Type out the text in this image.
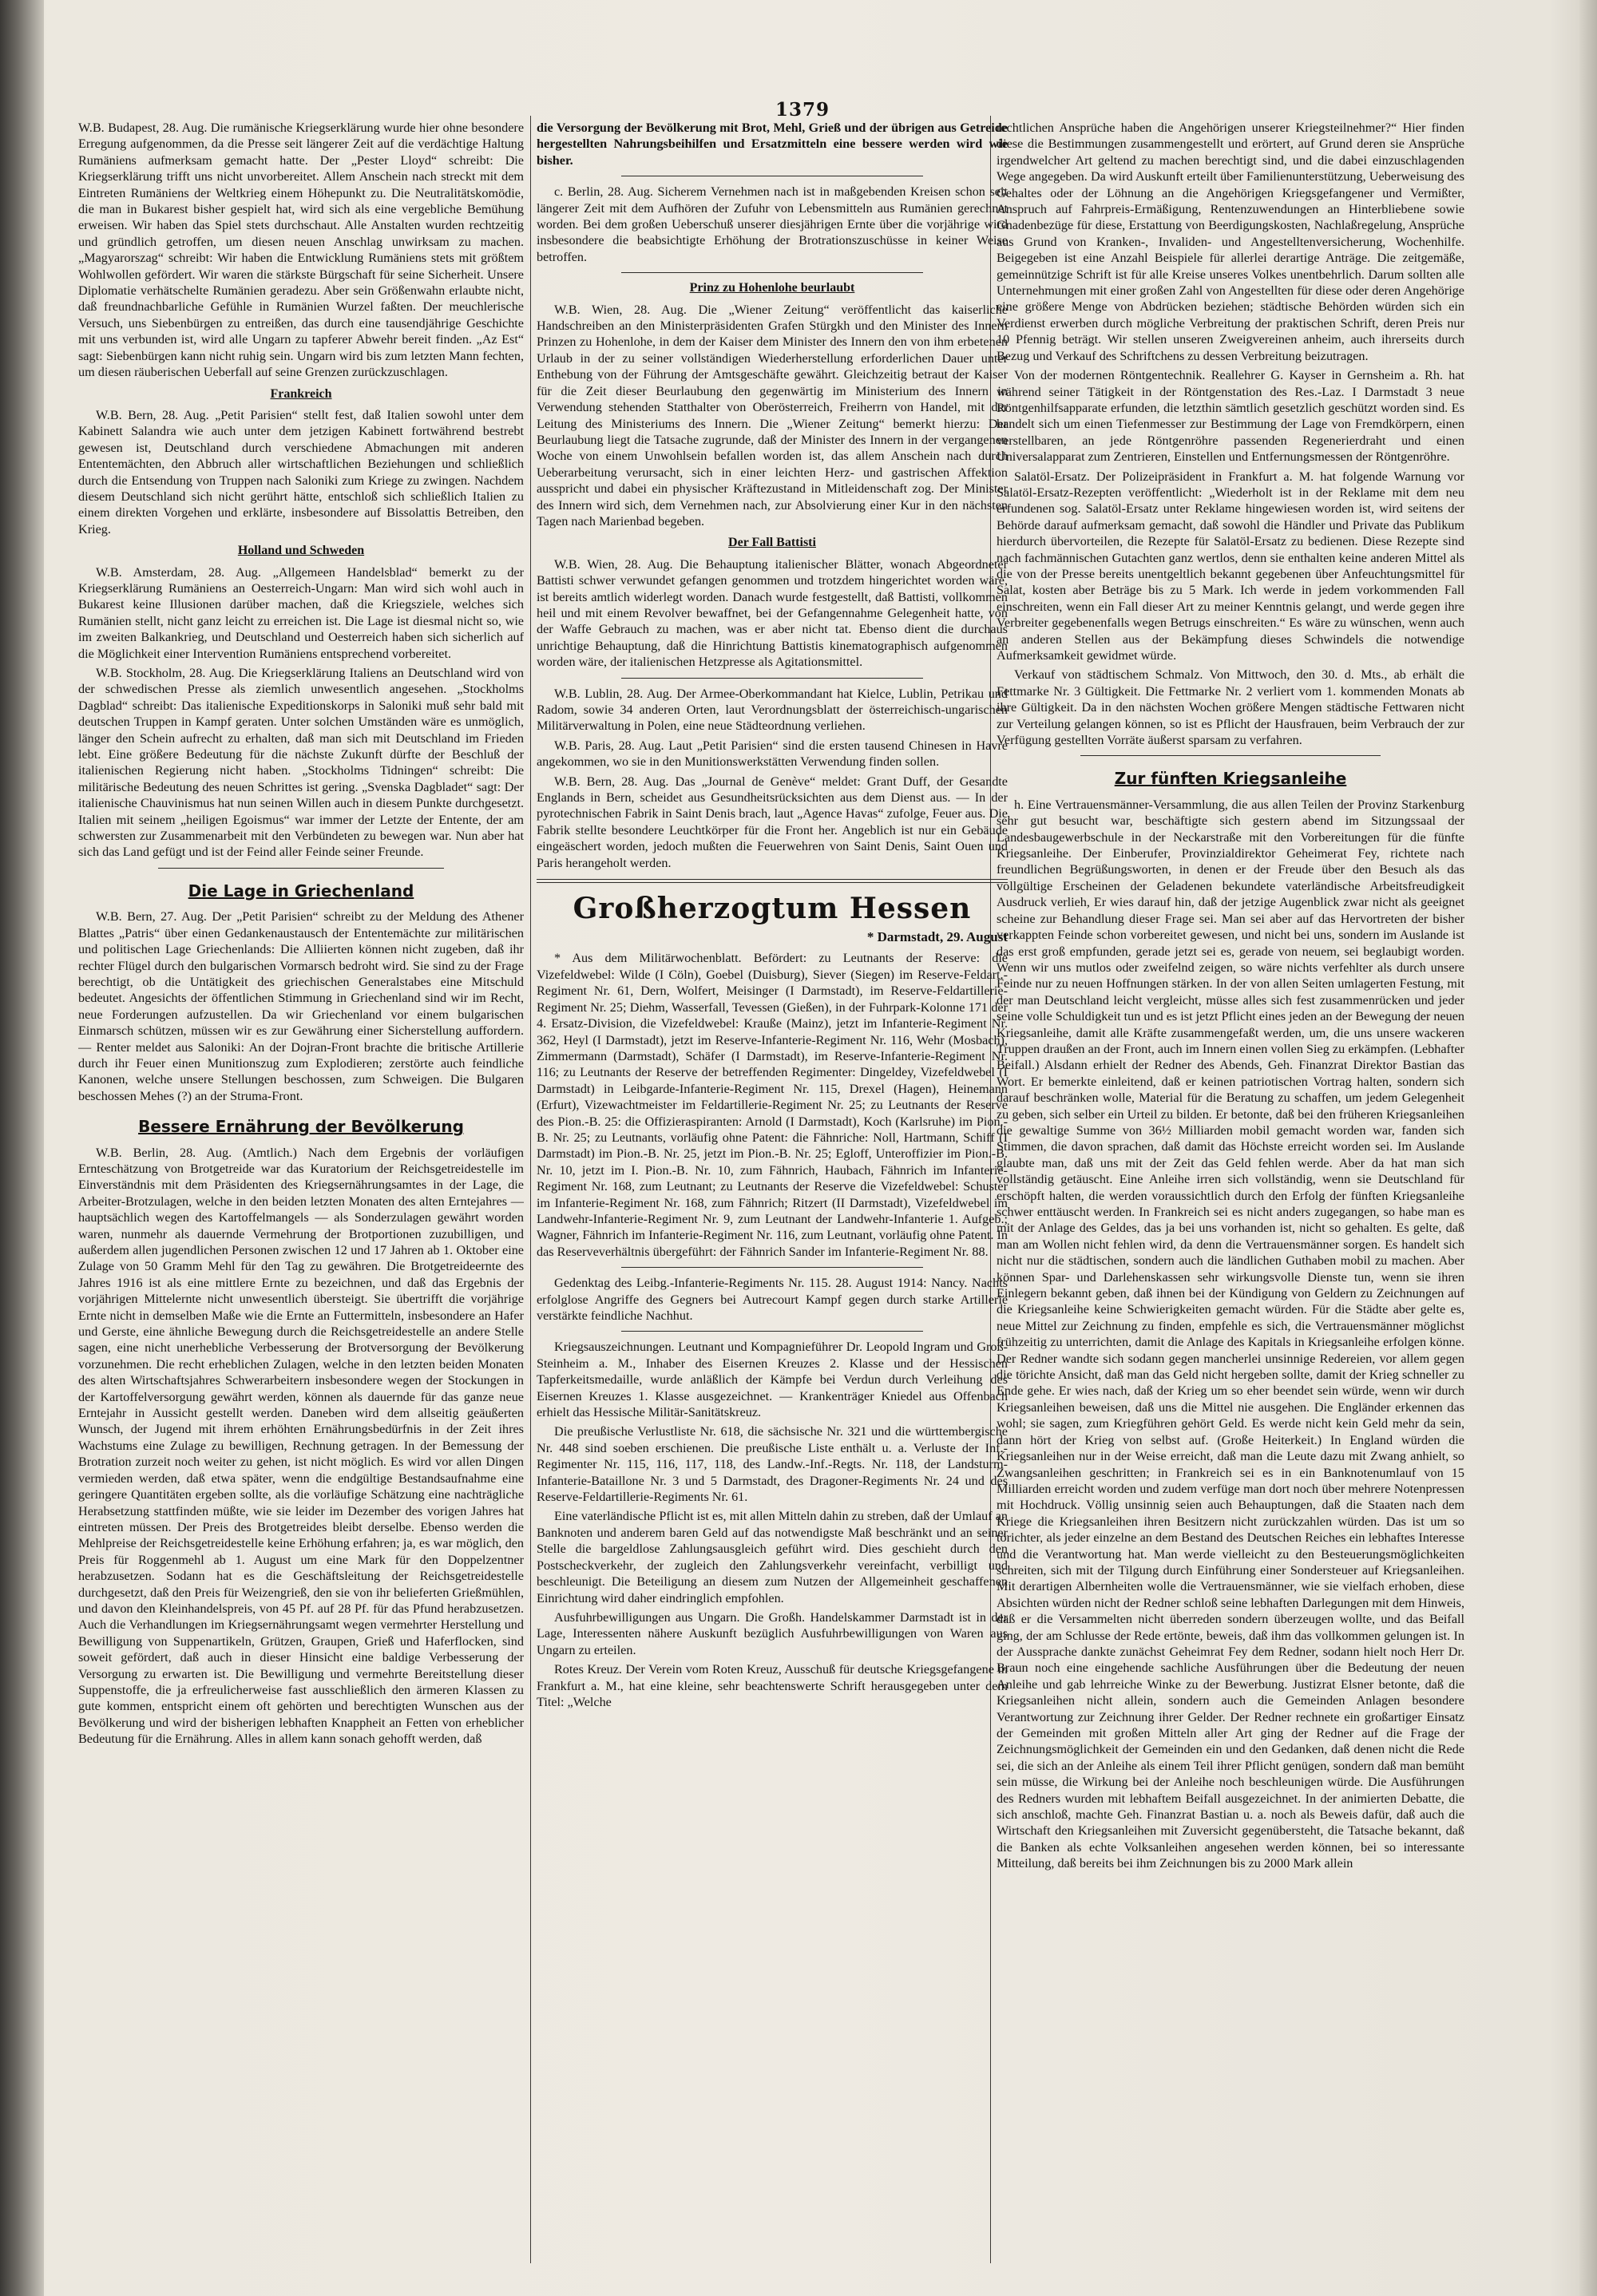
1379

W.B. Budapest, 28. Aug. Die rumänische Kriegserklärung wurde hier ohne besondere Erregung aufgenommen, da die Presse seit längerer Zeit auf die verdächtige Haltung Rumäniens aufmerksam gemacht hatte. Der „Pester Lloyd“ schreibt: Die Kriegserklärung trifft uns nicht unvorbereitet. Allem Anschein nach streckt mit dem Eintreten Rumäniens der Weltkrieg einem Höhepunkt zu. Die Neutralitätskomödie, die man in Bukarest bisher gespielt hat, wird sich als eine vergebliche Bemühung erweisen. Wir haben das Spiel stets durchschaut. Alle Anstalten wurden rechtzeitig und gründlich getroffen, um diesen neuen Anschlag unwirksam zu machen. „Magyarorszag“ schreibt: Wir haben die Entwicklung Rumäniens stets mit größtem Wohlwollen gefördert. Wir waren die stärkste Bürgschaft für seine Sicherheit. Unsere Diplomatie verhätschelte Rumänien geradezu. Aber sein Größenwahn erlaubte nicht, daß freundnachbarliche Gefühle in Rumänien Wurzel faßten. Der meuchlerische Versuch, uns Siebenbürgen zu entreißen, das durch eine tausendjährige Geschichte mit uns verbunden ist, wird alle Ungarn zu tapferer Abwehr bereit finden. „Az Est“ sagt: Siebenbürgen kann nicht ruhig sein. Ungarn wird bis zum letzten Mann fechten, um diesen räuberischen Ueberfall auf seine Grenzen zurückzuschlagen.

Frankreich

W.B. Bern, 28. Aug. „Petit Parisien“ stellt fest, daß Italien sowohl unter dem Kabinett Salandra wie auch unter dem jetzigen Kabinett fortwährend bestrebt gewesen ist, Deutschland durch verschiedene Abmachungen mit anderen Ententemächten, den Abbruch aller wirtschaftlichen Beziehungen und schließlich durch die Entsendung von Truppen nach Saloniki zum Kriege zu zwingen. Nachdem diesem Deutschland sich nicht gerührt hätte, entschloß sich schließlich Italien zu einem direkten Vorgehen und erklärte, insbesondere auf Bissolattis Betreiben, den Krieg.

Holland und Schweden

W.B. Amsterdam, 28. Aug. „Allgemeen Handelsblad“ bemerkt zu der Kriegserklärung Rumäniens an Oesterreich-Ungarn: Man wird sich wohl auch in Bukarest keine Illusionen darüber machen, daß die Kriegsziele, welches sich Rumänien stellt, nicht ganz leicht zu erreichen ist. Die Lage ist diesmal nicht so, wie im zweiten Balkankrieg, und Deutschland und Oesterreich haben sich sicherlich auf die Möglichkeit einer Intervention Rumäniens entsprechend vorbereitet.

W.B. Stockholm, 28. Aug. Die Kriegserklärung Italiens an Deutschland wird von der schwedischen Presse als ziemlich unwesentlich angesehen. „Stockholms Dagblad“ schreibt: Das italienische Expeditionskorps in Saloniki muß sehr bald mit deutschen Truppen in Kampf geraten. Unter solchen Umständen wäre es unmöglich, länger den Schein aufrecht zu erhalten, daß man sich mit Deutschland im Frieden lebt. Eine größere Bedeutung für die nächste Zukunft dürfte der Beschluß der italienischen Regierung nicht haben. „Stockholms Tidningen“ schreibt: Die militärische Bedeutung des neuen Schrittes ist gering. „Svenska Dagbladet“ sagt: Der italienische Chauvinismus hat nun seinen Willen auch in diesem Punkte durchgesetzt. Italien mit seinem „heiligen Egoismus“ war immer der Letzte der Entente, der am schwersten zur Zusammenarbeit mit den Verbündeten zu bewegen war. Nun aber hat sich das Land gefügt und ist der Feind aller Feinde seiner Freunde.

Die Lage in Griechenland

W.B. Bern, 27. Aug. Der „Petit Parisien“ schreibt zu der Meldung des Athener Blattes „Patris“ über einen Gedankenaustausch der Ententemächte zur militärischen und politischen Lage Griechenlands: Die Alliierten können nicht zugeben, daß ihr rechter Flügel durch den bulgarischen Vormarsch bedroht wird. Sie sind zu der Frage berechtigt, ob die Untätigkeit des griechischen Generalstabes eine Mitschuld bedeutet. Angesichts der öffentlichen Stimmung in Griechenland sind wir im Recht, neue Forderungen aufzustellen. Da wir Griechenland vor einem bulgarischen Einmarsch schützen, müssen wir es zur Gewährung einer Sicherstellung auffordern. — Renter meldet aus Saloniki: An der Dojran-Front brachte die britische Artillerie durch ihr Feuer einen Munitionszug zum Explodieren; zerstörte auch feindliche Kanonen, welche unsere Stellungen beschossen, zum Schweigen. Die Bulgaren beschossen Mehes (?) an der Struma-Front.

Bessere Ernährung der Bevölkerung

W.B. Berlin, 28. Aug. (Amtlich.) Nach dem Ergebnis der vorläufigen Ernteschätzung von Brotgetreide war das Kuratorium der Reichsgetreidestelle im Einverständnis mit dem Präsidenten des Kriegsernährungsamtes in der Lage, die Arbeiter-Brotzulagen, welche in den beiden letzten Monaten des alten Erntejahres — hauptsächlich wegen des Kartoffelmangels — als Sonderzulagen gewährt worden waren, nunmehr als dauernde Vermehrung der Brotportionen zuzubilligen, und außerdem allen jugendlichen Personen zwischen 12 und 17 Jahren ab 1. Oktober eine Zulage von 50 Gramm Mehl für den Tag zu gewähren. Die Brotgetreideernte des Jahres 1916 ist als eine mittlere Ernte zu bezeichnen, und daß das Ergebnis der vorjährigen Mittelernte nicht unwesentlich übersteigt. Sie übertrifft die vorjährige Ernte nicht in demselben Maße wie die Ernte an Futtermitteln, insbesondere an Hafer und Gerste, eine ähnliche Bewegung durch die Reichsgetreidestelle an andere Stelle sagen, eine nicht unerhebliche Verbesserung der Brotversorgung der Bevölkerung vorzunehmen. Die recht erheblichen Zulagen, welche in den letzten beiden Monaten des alten Wirtschaftsjahres Schwerarbeitern insbesondere wegen der Stockungen in der Kartoffelversorgung gewährt werden, können als dauernde für das ganze neue Erntejahr in Aussicht gestellt werden. Daneben wird dem allseitig geäußerten Wunsch, der Jugend mit ihrem erhöhten Ernährungsbedürfnis in der Zeit ihres Wachstums eine Zulage zu bewilligen, Rechnung getragen. In der Bemessung der Brotration zurzeit noch weiter zu gehen, ist nicht möglich. Es wird vor allen Dingen vermieden werden, daß etwa später, wenn die endgültige Bestandsaufnahme eine geringere Quantitäten ergeben sollte, als die vorläufige Schätzung eine nachträgliche Herabsetzung stattfinden müßte, wie sie leider im Dezember des vorigen Jahres hat eintreten müssen. Der Preis des Brotgetreides bleibt derselbe. Ebenso werden die Mehlpreise der Reichsgetreidestelle keine Erhöhung erfahren; ja, es war möglich, den Preis für Roggenmehl ab 1. August um eine Mark für den Doppelzentner herabzusetzen. Sodann hat es die Geschäftsleitung der Reichsgetreidestelle durchgesetzt, daß den Preis für Weizengrieß, den sie von ihr belieferten Grießmühlen, und davon den Kleinhandelspreis, von 45 Pf. auf 28 Pf. für das Pfund herabzusetzen. Auch die Verhandlungen im Kriegsernährungsamt wegen vermehrter Herstellung und Bewilligung von Suppenartikeln, Grützen, Graupen, Grieß und Haferflocken, sind soweit gefördert, daß auch in dieser Hinsicht eine baldige Verbesserung der Versorgung zu erwarten ist. Die Bewilligung und vermehrte Bereitstellung dieser Suppenstoffe, die ja erfreulicherweise fast ausschließlich den ärmeren Klassen zu gute kommen, entspricht einem oft gehörten und berechtigten Wunschen aus der Bevölkerung und wird der bisherigen lebhaften Knappheit an Fetten von erheblicher Bedeutung für die Ernährung. Alles in allem kann sonach gehofft werden, daß

die Versorgung der Bevölkerung mit Brot, Mehl, Grieß und der übrigen aus Getreide hergestellten Nahrungsbeihilfen und Ersatzmitteln eine bessere werden wird wie bisher.

c. Berlin, 28. Aug. Sicherem Vernehmen nach ist in maßgebenden Kreisen schon seit längerer Zeit mit dem Aufhören der Zufuhr von Lebensmitteln aus Rumänien gerechnet worden. Bei dem großen Ueberschuß unserer diesjährigen Ernte über die vorjährige wird insbesondere die beabsichtigte Erhöhung der Brotrationszuschüsse in keiner Weise betroffen.

Prinz zu Hohenlohe beurlaubt

W.B. Wien, 28. Aug. Die „Wiener Zeitung“ veröffentlicht das kaiserliche Handschreiben an den Ministerpräsidenten Grafen Stürgkh und den Minister des Innern Prinzen zu Hohenlohe, in dem der Kaiser dem Minister des Innern den von ihm erbetenen Urlaub in der zu seiner vollständigen Wiederherstellung erforderlichen Dauer unter Enthebung von der Führung der Amtsgeschäfte gewährt. Gleichzeitig betraut der Kaiser für die Zeit dieser Beurlaubung den gegenwärtig im Ministerium des Innern in Verwendung stehenden Statthalter von Oberösterreich, Freiherrn von Handel, mit der Leitung des Ministeriums des Innern. Die „Wiener Zeitung“ bemerkt hierzu: Der Beurlaubung liegt die Tatsache zugrunde, daß der Minister des Innern in der vergangenen Woche von einem Unwohlsein befallen worden ist, das allem Anschein nach durch Ueberarbeitung verursacht, sich in einer leichten Herz- und gastrischen Affektion ausspricht und dabei ein physischer Kräftezustand in Mitleidenschaft zog. Der Minister des Innern wird sich, dem Vernehmen nach, zur Absolvierung einer Kur in den nächsten Tagen nach Marienbad begeben.

Der Fall Battisti

W.B. Wien, 28. Aug. Die Behauptung italienischer Blätter, wonach Abgeordneter Battisti schwer verwundet gefangen genommen und trotzdem hingerichtet worden wäre, ist bereits amtlich widerlegt worden. Danach wurde festgestellt, daß Battisti, vollkommen heil und mit einem Revolver bewaffnet, bei der Gefangennahme Gelegenheit hatte, von der Waffe Gebrauch zu machen, was er aber nicht tat. Ebenso dient die durchaus unrichtige Behauptung, daß die Hinrichtung Battistis kinematographisch aufgenommen worden wäre, der italienischen Hetzpresse als Agitationsmittel.

W.B. Lublin, 28. Aug. Der Armee-Oberkommandant hat Kielce, Lublin, Petrikau und Radom, sowie 34 anderen Orten, laut Verordnungsblatt der österreichisch-ungarischen Militärverwaltung in Polen, eine neue Städteordnung verliehen.

W.B. Paris, 28. Aug. Laut „Petit Parisien“ sind die ersten tausend Chinesen in Havre angekommen, wo sie in den Munitionswerkstätten Verwendung finden sollen.

W.B. Bern, 28. Aug. Das „Journal de Genève“ meldet: Grant Duff, der Gesandte Englands in Bern, scheidet aus Gesundheitsrücksichten aus dem Dienst aus. — In der pyrotechnischen Fabrik in Saint Denis brach, laut „Agence Havas“ zufolge, Feuer aus. Die Fabrik stellte besondere Leuchtkörper für die Front her. Angeblich ist nur ein Gebäude eingeäschert worden, jedoch mußten die Feuerwehren von Saint Denis, Saint Ouen und Paris herangeholt werden.

Großherzogtum Hessen
* Darmstadt, 29. August

* Aus dem Militärwochenblatt. Befördert: zu Leutnants der Reserve: die Vizefeldwebel: Wilde (I Cöln), Goebel (Duisburg), Siever (Siegen) im Reserve-Feldart.-Regiment Nr. 61, Dern, Wolfert, Meisinger (I Darmstadt), im Reserve-Feldartillerie-Regiment Nr. 25; Diehm, Wasserfall, Tevessen (Gießen), in der Fuhrpark-Kolonne 171 der 4. Ersatz-Division, die Vizefeldwebel: Krauße (Mainz), jetzt im Infanterie-Regiment Nr. 362, Heyl (I Darmstadt), jetzt im Reserve-Infanterie-Regiment Nr. 116, Wehr (Mosbach), Zimmermann (Darmstadt), Schäfer (I Darmstadt), im Reserve-Infanterie-Regiment Nr. 116; zu Leutnants der Reserve der betreffenden Regimenter: Dingeldey, Vizefeldwebel (I Darmstadt) in Leibgarde-Infanterie-Regiment Nr. 115, Drexel (Hagen), Heinemann (Erfurt), Vizewachtmeister im Feldartillerie-Regiment Nr. 25; zu Leutnants der Reserve des Pion.-B. 25: die Offizieraspiranten: Arnold (I Darmstadt), Koch (Karlsruhe) im Pion.-B. Nr. 25; zu Leutnants, vorläufig ohne Patent: die Fähnriche: Noll, Hartmann, Schiff (I Darmstadt) im Pion.-B. Nr. 25, jetzt im Pion.-B. Nr. 25; Egloff, Unteroffizier im Pion.-B. Nr. 10, jetzt im I. Pion.-B. Nr. 10, zum Fähnrich, Haubach, Fähnrich im Infanterie-Regiment Nr. 168, zum Leutnant; zu Leutnants der Reserve die Vizefeldwebel: Schuster im Infanterie-Regiment Nr. 168, zum Fähnrich; Ritzert (II Darmstadt), Vizefeldwebel im Landwehr-Infanterie-Regiment Nr. 9, zum Leutnant der Landwehr-Infanterie 1. Aufgeb.; Wagner, Fähnrich im Infanterie-Regiment Nr. 116, zum Leutnant, vorläufig ohne Patent. In das Reserveverhältnis übergeführt: der Fähnrich Sander im Infanterie-Regiment Nr. 88.

Gedenktag des Leibg.-Infanterie-Regiments Nr. 115. 28. August 1914: Nancy. Nachts erfolglose Angriffe des Gegners bei Autrecourt Kampf gegen durch starke Artillerie verstärkte feindliche Nachhut.

Kriegsauszeichnungen. Leutnant und Kompagnieführer Dr. Leopold Ingram und Groß-Steinheim a. M., Inhaber des Eisernen Kreuzes 2. Klasse und der Hessischen Tapferkeitsmedaille, wurde anläßlich der Kämpfe bei Verdun durch Verleihung des Eisernen Kreuzes 1. Klasse ausgezeichnet. — Krankenträger Kniedel aus Offenbach erhielt das Hessische Militär-Sanitätskreuz.

Die preußische Verlustliste Nr. 618, die sächsische Nr. 321 und die württembergische Nr. 448 sind soeben erschienen. Die preußische Liste enthält u. a. Verluste der Inf.-Regimenter Nr. 115, 116, 117, 118, des Landw.-Inf.-Regts. Nr. 118, der Landsturm-Infanterie-Bataillone Nr. 3 und 5 Darmstadt, des Dragoner-Regiments Nr. 24 und des Reserve-Feldartillerie-Regiments Nr. 61.

Eine vaterländische Pflicht ist es, mit allen Mitteln dahin zu streben, daß der Umlauf an Banknoten und anderem baren Geld auf das notwendigste Maß beschränkt und an seiner Stelle die bargeldlose Zahlungsausgleich geführt wird. Dies geschieht durch den Postscheckverkehr, der zugleich den Zahlungsverkehr vereinfacht, verbilligt und beschleunigt. Die Beteiligung an diesem zum Nutzen der Allgemeinheit geschaffenen Einrichtung wird daher eindringlich empfohlen.

Ausfuhrbewilligungen aus Ungarn. Die Großh. Handelskammer Darmstadt ist in der Lage, Interessenten nähere Auskunft bezüglich Ausfuhrbewilligungen von Waren aus Ungarn zu erteilen.

Rotes Kreuz. Der Verein vom Roten Kreuz, Ausschuß für deutsche Kriegsgefangene in Frankfurt a. M., hat eine kleine, sehr beachtenswerte Schrift herausgegeben unter dem Titel: „Welche

rechtlichen Ansprüche haben die Angehörigen unserer Kriegsteilnehmer?“ Hier finden diese die Bestimmungen zusammengestellt und erörtert, auf Grund deren sie Ansprüche irgendwelcher Art geltend zu machen berechtigt sind, und die dabei einzuschlagenden Wege angegeben. Da wird Auskunft erteilt über Familienunterstützung, Ueberweisung des Gehaltes oder der Löhnung an die Angehörigen Kriegsgefangener und Vermißter, Anspruch auf Fahrpreis-Ermäßigung, Rentenzuwendungen an Hinterbliebene sowie Gnadenbezüge für diese, Erstattung von Beerdigungskosten, Nachlaßregelung, Ansprüche aus Grund von Kranken-, Invaliden- und Angestelltenversicherung, Wochenhilfe. Beigegeben ist eine Anzahl Beispiele für allerlei derartige Anträge. Die zeitgemäße, gemeinnützige Schrift ist für alle Kreise unseres Volkes unentbehrlich. Darum sollten alle Unternehmungen mit einer großen Zahl von Angestellten für diese oder deren Angehörige eine größere Menge von Abdrücken beziehen; städtische Behörden würden sich ein Verdienst erwerben durch mögliche Verbreitung der praktischen Schrift, deren Preis nur 10 Pfennig beträgt. Wir stellen unseren Zweigvereinen anheim, auch ihrerseits durch Bezug und Verkauf des Schriftchens zu dessen Verbreitung beizutragen.

Von der modernen Röntgentechnik. Reallehrer G. Kayser in Gernsheim a. Rh. hat während seiner Tätigkeit in der Röntgenstation des Res.-Laz. I Darmstadt 3 neue Röntgenhilfsapparate erfunden, die letzthin sämtlich gesetzlich geschützt worden sind. Es handelt sich um einen Tiefenmesser zur Bestimmung der Lage von Fremdkörpern, einen verstellbaren, an jede Röntgenröhre passenden Regenerierdraht und einen Universalapparat zum Zentrieren, Einstellen und Entfernungsmessen der Röntgenröhre.

Salatöl-Ersatz. Der Polizeipräsident in Frankfurt a. M. hat folgende Warnung vor Salatöl-Ersatz-Rezepten veröffentlicht: „Wiederholt ist in der Reklame mit dem neu erfundenen sog. Salatöl-Ersatz unter Reklame hingewiesen worden ist, wird seitens der Behörde darauf aufmerksam gemacht, daß sowohl die Händler und Private das Publikum hierdurch übervorteilen, die Rezepte für Salatöl-Ersatz zu bedienen. Diese Rezepte sind nach fachmännischen Gutachten ganz wertlos, denn sie enthalten keine anderen Mittel als die von der Presse bereits unentgeltlich bekannt gegebenen über Anfeuchtungsmittel für Salat, kosten aber Beträge bis zu 5 Mark. Ich werde in jedem vorkommenden Fall einschreiten, wenn ein Fall dieser Art zu meiner Kenntnis gelangt, und werde gegen ihre Verbreiter gegebenenfalls wegen Betrugs einschreiten.“ Es wäre zu wünschen, wenn auch an anderen Stellen aus der Bekämpfung dieses Schwindels die notwendige Aufmerksamkeit gewidmet würde.

Verkauf von städtischem Schmalz. Von Mittwoch, den 30. d. Mts., ab erhält die Fettmarke Nr. 3 Gültigkeit. Die Fettmarke Nr. 2 verliert vom 1. kommenden Monats ab ihre Gültigkeit. Da in den nächsten Wochen größere Mengen städtische Fettwaren nicht zur Verteilung gelangen können, so ist es Pflicht der Hausfrauen, beim Verbrauch der zur Verfügung gestellten Vorräte äußerst sparsam zu verfahren.

Zur fünften Kriegsanleihe

h. Eine Vertrauensmänner-Versammlung, die aus allen Teilen der Provinz Starkenburg sehr gut besucht war, beschäftigte sich gestern abend im Sitzungssaal der Landesbaugewerbschule in der Neckarstraße mit den Vorbereitungen für die fünfte Kriegsanleihe. Der Einberufer, Provinzialdirektor Geheimerat Fey, richtete nach freundlichen Begrüßungsworten, in denen er der Freude über den Besuch als das vollgültige Erscheinen der Geladenen bekundete vaterländische Arbeitsfreudigkeit Ausdruck verlieh, Er wies darauf hin, daß der jetzige Augenblick zwar nicht als geeignet scheine zur Behandlung dieser Frage sei. Man sei aber auf das Hervortreten der bisher verkappten Feinde schon vorbereitet gewesen, und nicht bei uns, sondern im Auslande ist das erst groß empfunden, gerade jetzt sei es, gerade von neuem, sei beglaubigt worden. Wenn wir uns mutlos oder zweifelnd zeigen, so wäre nichts verfehlter als durch unsere Feinde nur zu neuen Hoffnungen stärken. In der von allen Seiten umlagerten Festung, mit der man Deutschland leicht vergleicht, müsse alles sich fest zusammenrücken und jeder seine volle Schuldigkeit tun und es ist jetzt Pflicht eines jeden an der Bewegung der neuen Kriegsanleihe, damit alle Kräfte zusammengefaßt werden, um, die uns unsere wackeren Truppen draußen an der Front, auch im Innern einen vollen Sieg zu erkämpfen. (Lebhafter Beifall.) Alsdann erhielt der Redner des Abends, Geh. Finanzrat Direktor Bastian das Wort. Er bemerkte einleitend, daß er keinen patriotischen Vortrag halten, sondern sich darauf beschränken wolle, Material für die Beratung zu schaffen, um jedem Gelegenheit zu geben, sich selber ein Urteil zu bilden. Er betonte, daß bei den früheren Kriegsanleihen die gewaltige Summe von 36½ Milliarden mobil gemacht worden war, fanden sich Stimmen, die davon sprachen, daß damit das Höchste erreicht worden sei. Im Auslande glaubte man, daß uns mit der Zeit das Geld fehlen werde. Aber da hat man sich vollständig getäuscht. Eine Anleihe irren sich vollständig, wenn sie Deutschland für erschöpft halten, die werden voraussichtlich durch den Erfolg der fünften Kriegsanleihe schwer enttäuscht werden. In Frankreich sei es nicht anders zugegangen, so habe man es mit der Anlage des Geldes, das ja bei uns vorhanden ist, nicht so gehalten. Es gelte, daß man am Wollen nicht fehlen wird, da denn die Vertrauensmänner sorgen. Es handelt sich nicht nur die städtischen, sondern auch die ländlichen Guthaben mobil zu machen. Aber können Spar- und Darlehenskassen sehr wirkungsvolle Dienste tun, wenn sie ihren Einlegern bekannt geben, daß ihnen bei der Kündigung von Geldern zu Zeichnungen auf die Kriegsanleihe keine Schwierigkeiten gemacht würden. Für die Städte aber gelte es, neue Mittel zur Zeichnung zu finden, empfehle es sich, die Vertrauensmänner möglichst frühzeitig zu unterrichten, damit die Anlage des Kapitals in Kriegsanleihe erfolgen könne. Der Redner wandte sich sodann gegen mancherlei unsinnige Redereien, vor allem gegen die törichte Ansicht, daß man das Geld nicht hergeben sollte, damit der Krieg schneller zu Ende gehe. Er wies nach, daß der Krieg um so eher beendet sein würde, wenn wir durch Kriegsanleihen beweisen, daß uns die Mittel nie ausgehen. Die Engländer erkennen das wohl; sie sagen, zum Kriegführen gehört Geld. Es werde nicht kein Geld mehr da sein, dann hört der Krieg von selbst auf. (Große Heiterkeit.) In England würden die Kriegsanleihen nur in der Weise erreicht, daß man die Leute dazu mit Zwang anhielt, so Zwangsanleihen geschritten; in Frankreich sei es in ein Banknotenumlauf von 15 Milliarden erreicht worden und zudem verfüge man dort noch über mehrere Notenpressen mit Hochdruck. Völlig unsinnig seien auch Behauptungen, daß die Staaten nach dem Kriege die Kriegsanleihen ihren Besitzern nicht zurückzahlen würden. Das ist um so törichter, als jeder einzelne an dem Bestand des Deutschen Reiches ein lebhaftes Interesse und die Verantwortung hat. Man werde vielleicht zu den Besteuerungsmöglichkeiten schreiten, sich mit der Tilgung durch Einführung einer Sondersteuer auf Kriegsanleihen. Mit derartigen Albernheiten wolle die Vertrauensmänner, wie sie vielfach erhoben, diese Absichten würden nicht der Redner schloß seine lebhaften Darlegungen mit dem Hinweis, daß er die Versammelten nicht überreden sondern überzeugen wollte, und das Beifall ging, der am Schlusse der Rede ertönte, beweis, daß ihm das vollkommen gelungen ist. In der Aussprache dankte zunächst Geheimrat Fey dem Redner, sodann hielt noch Herr Dr. Braun noch eine eingehende sachliche Ausführungen über die Bedeutung der neuen Anleihe und gab lehrreiche Winke zu der Bewerbung. Justizrat Elsner betonte, daß die Kriegsanleihen nicht allein, sondern auch die Gemeinden Anlagen besondere Verantwortung zur Zeichnung ihrer Gelder. Der Redner rechnete ein großartiger Einsatz der Gemeinden mit großen Mitteln aller Art ging der Redner auf die Frage der Zeichnungsmöglichkeit der Gemeinden ein und den Gedanken, daß denen nicht die Rede sei, die sich an der Anleihe als einem Teil ihrer Pflicht genügen, sondern daß man bemüht sein müsse, die Wirkung bei der Anleihe noch beschleunigen würde. Die Ausführungen des Redners wurden mit lebhaftem Beifall ausgezeichnet. In der animierten Debatte, die sich anschloß, machte Geh. Finanzrat Bastian u. a. noch als Beweis dafür, daß auch die Wirtschaft den Kriegsanleihen mit Zuversicht gegenübersteht, die Tatsache bekannt, daß die Banken als echte Volksanleihen angesehen werden können, bei so interessante Mitteilung, daß bereits bei ihm Zeichnungen bis zu 2000 Mark allein
